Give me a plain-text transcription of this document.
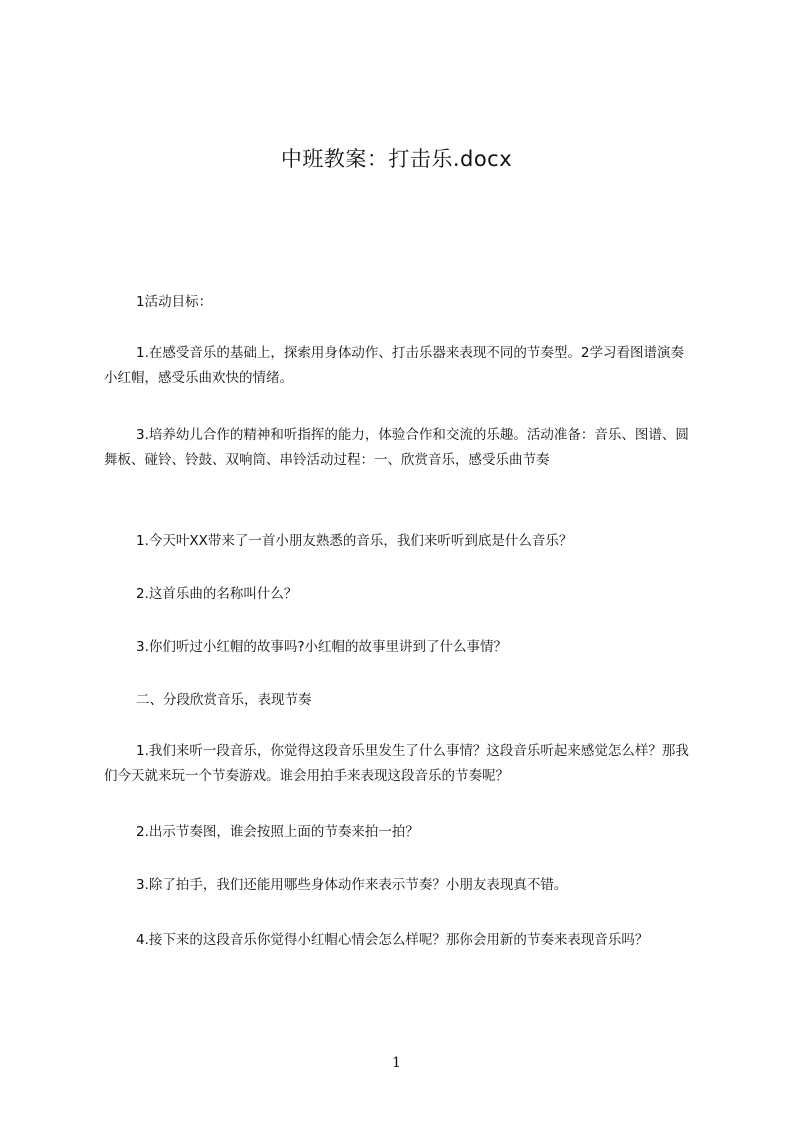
中班教案：打击乐.docx

1活动目标：

1.在感受音乐的基础上，探索用身体动作、打击乐器来表现不同的节奏型。2学习看图谱演奏小红帽，感受乐曲欢快的情绪。

3.培养幼儿合作的精神和听指挥的能力，体验合作和交流的乐趣。活动准备：音乐、图谱、圆舞板、碰铃、铃鼓、双响筒、串铃活动过程：一、欣赏音乐，感受乐曲节奏

1.今天叶XX带来了一首小朋友熟悉的音乐，我们来听听到底是什么音乐？

2.这首乐曲的名称叫什么？

3.你们听过小红帽的故事吗?小红帽的故事里讲到了什么事情？

二、分段欣赏音乐，表现节奏

1.我们来听一段音乐，你觉得这段音乐里发生了什么事情？这段音乐听起来感觉怎么样？那我们今天就来玩一个节奏游戏。谁会用拍手来表现这段音乐的节奏呢？

2.出示节奏图，谁会按照上面的节奏来拍一拍？

3.除了拍手，我们还能用哪些身体动作来表示节奏？小朋友表现真不错。

4.接下来的这段音乐你觉得小红帽心情会怎么样呢？那你会用新的节奏来表现音乐吗？

1
